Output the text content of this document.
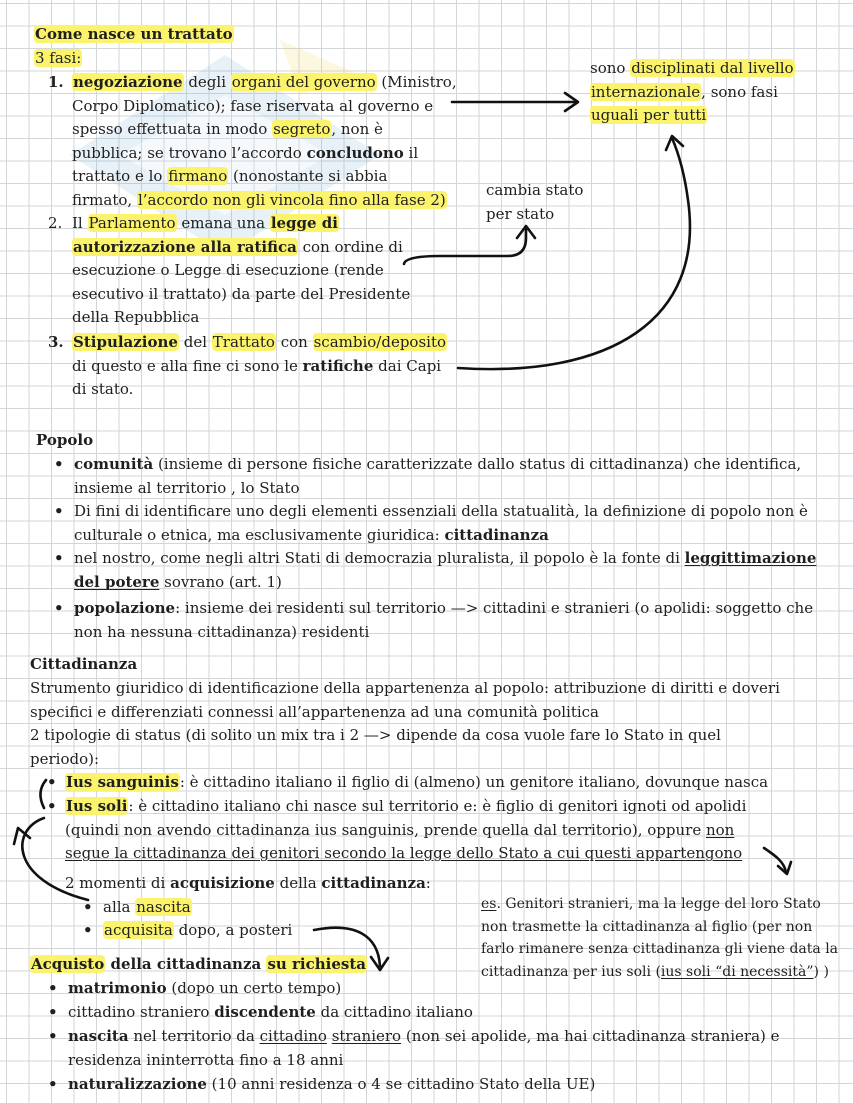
Come nasce un trattato
3 fasi:
1. negoziazione degli organi del governo (Ministro,
Corpo Diplomatico); fase riservata al governo e
spesso effettuata in modo segreto, non è
pubblica; se trovano l’accordo concludono il
trattato e lo firmano (nonostante si abbia
firmato, l’accordo non gli vincola fino alla fase 2)
2. Il Parlamento emana una legge di
autorizzazione alla ratifica con ordine di
esecuzione o Legge di esecuzione (rende
esecutivo il trattato) da parte del Presidente
della Repubblica
3. Stipulazione del Trattato con scambio/deposito
di questo e alla fine ci sono le ratifiche dai Capi
di stato.
sono disciplinati dal livello
internazionale, sono fasi
uguali per tutti
cambia stato
per stato
Popolo
• comunità (insieme di persone fisiche caratterizzate dallo status di cittadinanza) che identifica,
insieme al territorio , lo Stato
• Di fini di identificare uno degli elementi essenziali della statualità, la definizione di popolo non è
culturale o etnica, ma esclusivamente giuridica: cittadinanza
• nel nostro, come negli altri Stati di democrazia pluralista, il popolo è la fonte di leggittimazione
del potere sovrano (art. 1)
• popolazione: insieme dei residenti sul territorio —> cittadini e stranieri (o apolidi: soggetto che
non ha nessuna cittadinanza) residenti
Cittadinanza
Strumento giuridico di identificazione della appartenenza al popolo: attribuzione di diritti e doveri
specifici e differenziati connessi all’appartenenza ad una comunità politica
2 tipologie di status (di solito un mix tra i 2 —> dipende da cosa vuole fare lo Stato in quel
periodo):
• Ius sanguinis: è cittadino italiano il figlio di (almeno) un genitore italiano, dovunque nasca
• Ius soli: è cittadino italiano chi nasce sul territorio e: è figlio di genitori ignoti od apolidi
(quindi non avendo cittadinanza ius sanguinis, prende quella dal territorio), oppure non
segue la cittadinanza dei genitori secondo la legge dello Stato a cui questi appartengono
2 momenti di acquisizione della cittadinanza:
• alla nascita
• acquisita dopo, a posteri
es. Genitori stranieri, ma la legge del loro Stato
non trasmette la cittadinanza al figlio (per non
farlo rimanere senza cittadinanza gli viene data la
cittadinanza per ius soli (ius soli “di necessità”) )
Acquisto della cittadinanza su richiesta
• matrimonio (dopo un certo tempo)
• cittadino straniero discendente da cittadino italiano
• nascita nel territorio da cittadino straniero (non sei apolide, ma hai cittadinanza straniera) e
residenza ininterrotta fino a 18 anni
• naturalizzazione (10 anni residenza o 4 se cittadino Stato della UE)
